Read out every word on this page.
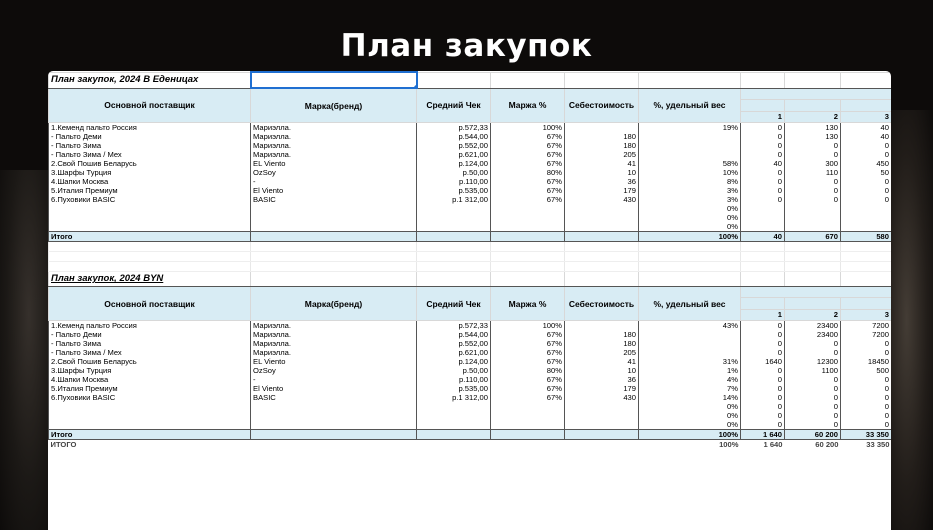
План закупок
План закупок, 2024 В Еденицах								
Основной поставщик	Марка(бренд)	Средний Чек	Маржа %	Себестоимость	%, удельный вес			

						1	2	3
1.Кеменд пальто Россия	Мариэлла.	р.572,33	100%		19%	0	130	40
- Пальто Деми	Мариэлла.	р.544,00	67%	180		0	130	40
- Пальто Зима	Мариэлла.	р.552,00	67%	180		0	0	0
- Пальто Зима / Мех	Мариэлла.	р.621,00	67%	205		0	0	0
2.Свой Пошив Беларусь	EL Viento	р.124,00	67%	41	58%	40	300	450
3.Шарфы Турция	OzSoy	р.50,00	80%	10	10%	0	110	50
4.Шапки Москва	-	р.110,00	67%	36	8%	0	0	0
5.Италия Премиум	El Viento	р.535,00	67%	179	3%	0	0	0
6.Пуховики BASIC	BASIC	р.1 312,00	67%	430	3%	0	0	0
					0%			
					0%			
					0%			
Итого					100%	40	670	580

План закупок, 2024 BYN								
Основной поставщик	Марка(бренд)	Средний Чек	Маржа %	Себестоимость	%, удельный вес			

						1	2	3
1.Кеменд пальто Россия	Мариэлла.	р.572,33	100%		43%	0	23400	7200
- Пальто Деми	Мариэлла.	р.544,00	67%	180		0	23400	7200
- Пальто Зима	Мариэлла.	р.552,00	67%	180		0	0	0
- Пальто Зима / Мех	Мариэлла.	р.621,00	67%	205		0	0	0
2.Свой Пошив Беларусь	EL Viento	р.124,00	67%	41	31%	1640	12300	18450
3.Шарфы Турция	OzSoy	р.50,00	80%	10	1%	0	1100	500
4.Шапки Москва	-	р.110,00	67%	36	4%	0	0	0
5.Италия Премиум	El Viento	р.535,00	67%	179	7%	0	0	0
6.Пуховики BASIC	BASIC	р.1 312,00	67%	430	14%	0	0	0
					0%	0	0	0
					0%	0	0	0
					0%	0	0	0
Итого					100%	1 640	60 200	33 350
ИТОГО					100%	1 640	60 200	33 350
